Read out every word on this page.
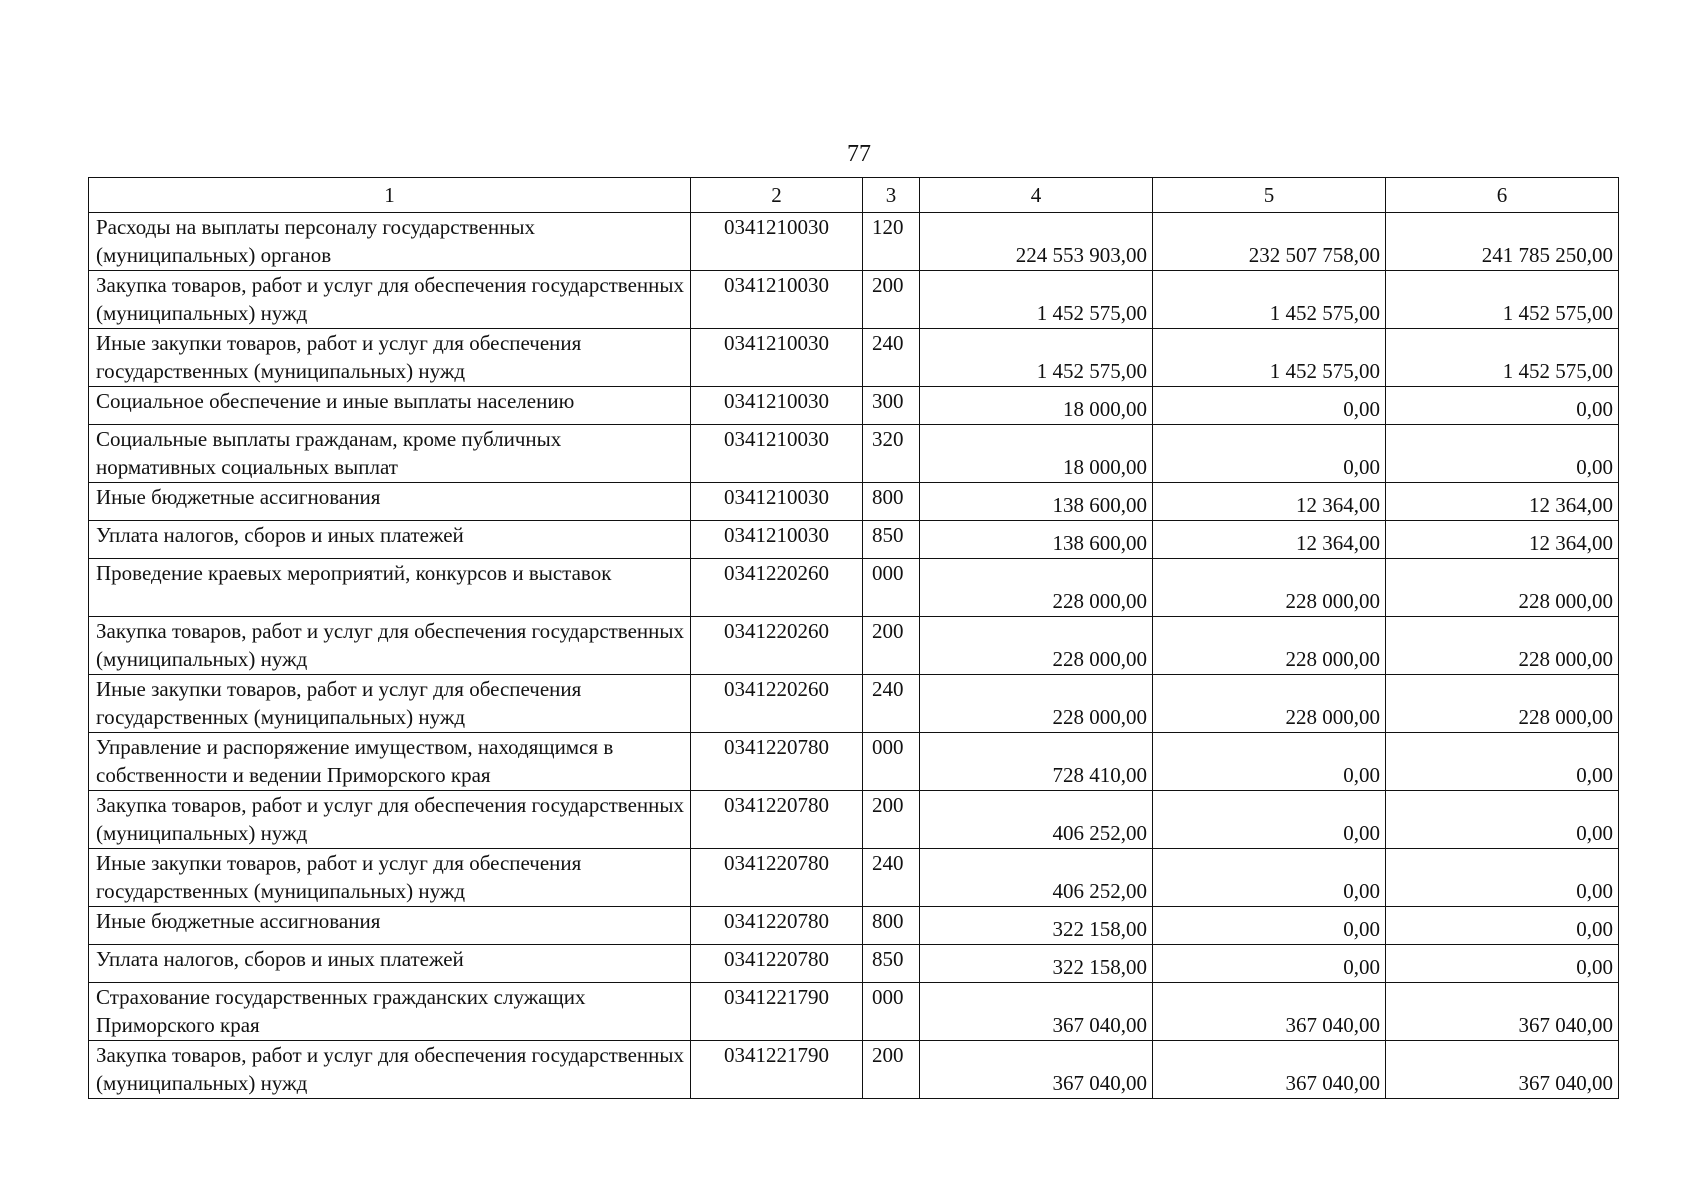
77
1	2	3	4	5	6
Расходы на выплаты персоналу государственных (муниципальных) органов	0341210030	120	224 553 903,00	232 507 758,00	241 785 250,00
Закупка товаров, работ и услуг для обеспечения государственных (муниципальных) нужд	0341210030	200	1 452 575,00	1 452 575,00	1 452 575,00
Иные закупки товаров, работ и услуг для обеспечения государственных (муниципальных) нужд	0341210030	240	1 452 575,00	1 452 575,00	1 452 575,00
Социальное обеспечение и иные выплаты населению	0341210030	300	18 000,00	0,00	0,00
Социальные выплаты гражданам, кроме публичных нормативных социальных выплат	0341210030	320	18 000,00	0,00	0,00
Иные бюджетные ассигнования	0341210030	800	138 600,00	12 364,00	12 364,00
Уплата налогов, сборов и иных платежей	0341210030	850	138 600,00	12 364,00	12 364,00
Проведение краевых мероприятий, конкурсов и выставок	0341220260	000	228 000,00	228 000,00	228 000,00
Закупка товаров, работ и услуг для обеспечения государственных (муниципальных) нужд	0341220260	200	228 000,00	228 000,00	228 000,00
Иные закупки товаров, работ и услуг для обеспечения государственных (муниципальных) нужд	0341220260	240	228 000,00	228 000,00	228 000,00
Управление и распоряжение имуществом, находящимся в собственности и ведении Приморского края	0341220780	000	728 410,00	0,00	0,00
Закупка товаров, работ и услуг для обеспечения государственных (муниципальных) нужд	0341220780	200	406 252,00	0,00	0,00
Иные закупки товаров, работ и услуг для обеспечения государственных (муниципальных) нужд	0341220780	240	406 252,00	0,00	0,00
Иные бюджетные ассигнования	0341220780	800	322 158,00	0,00	0,00
Уплата налогов, сборов и иных платежей	0341220780	850	322 158,00	0,00	0,00
Страхование государственных гражданских служащих Приморского края	0341221790	000	367 040,00	367 040,00	367 040,00
Закупка товаров, работ и услуг для обеспечения государственных (муниципальных) нужд	0341221790	200	367 040,00	367 040,00	367 040,00
